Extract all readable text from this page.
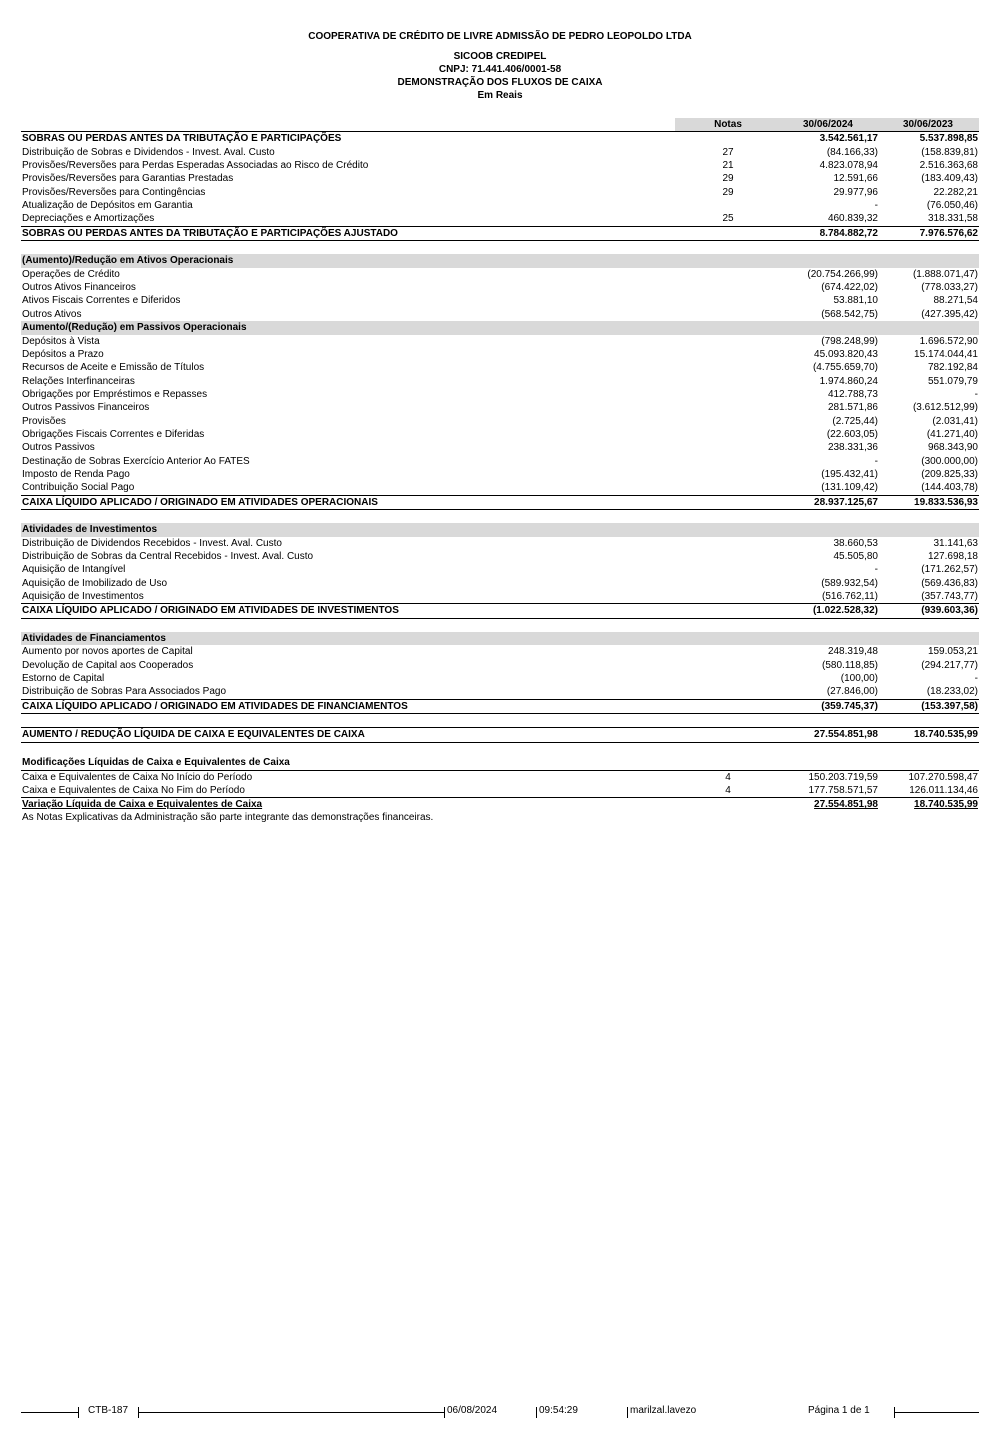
COOPERATIVA DE CRÉDITO DE LIVRE ADMISSÃO DE PEDRO LEOPOLDO LTDA
SICOOB CREDIPEL
CNPJ: 71.441.406/0001-58
DEMONSTRAÇÃO DOS FLUXOS DE CAIXA
Em Reais
Notas	30/06/2024	30/06/2023
SOBRAS OU PERDAS ANTES DA TRIBUTAÇÃO E PARTICIPAÇÕES	3.542.561,17	5.537.898,85
Distribuição de Sobras e Dividendos - Invest. Aval. Custo	27	(84.166,33)	(158.839,81)
Provisões/Reversões para Perdas Esperadas Associadas ao Risco de Crédito	21	4.823.078,94	2.516.363,68
Provisões/Reversões para Garantias Prestadas	29	12.591,66	(183.409,43)
Provisões/Reversões para Contingências	29	29.977,96	22.282,21
Atualização de Depósitos em Garantia	-	(76.050,46)
Depreciações e Amortizações	25	460.839,32	318.331,58
SOBRAS OU PERDAS ANTES DA TRIBUTAÇÃO E PARTICIPAÇÕES AJUSTADO	8.784.882,72	7.976.576,62
(Aumento)/Redução em Ativos Operacionais
Operações de Crédito	(20.754.266,99)	(1.888.071,47)
Outros Ativos Financeiros	(674.422,02)	(778.033,27)
Ativos Fiscais Correntes e Diferidos	53.881,10	88.271,54
Outros Ativos	(568.542,75)	(427.395,42)
Aumento/(Redução) em Passivos Operacionais
Depósitos à Vista	(798.248,99)	1.696.572,90
Depósitos a Prazo	45.093.820,43	15.174.044,41
Recursos de Aceite e Emissão de Títulos	(4.755.659,70)	782.192,84
Relações Interfinanceiras	1.974.860,24	551.079,79
Obrigações por Empréstimos e Repasses	412.788,73	-
Outros Passivos Financeiros	281.571,86	(3.612.512,99)
Provisões	(2.725,44)	(2.031,41)
Obrigações Fiscais Correntes e Diferidas	(22.603,05)	(41.271,40)
Outros Passivos	238.331,36	968.343,90
Destinação de Sobras Exercício Anterior Ao FATES	-	(300.000,00)
Imposto de Renda Pago	(195.432,41)	(209.825,33)
Contribuição Social Pago	(131.109,42)	(144.403,78)
CAIXA LÍQUIDO APLICADO / ORIGINADO EM ATIVIDADES OPERACIONAIS	28.937.125,67	19.833.536,93
Atividades de Investimentos
Distribuição de Dividendos Recebidos - Invest. Aval. Custo	38.660,53	31.141,63
Distribuição de Sobras da Central Recebidos - Invest. Aval. Custo	45.505,80	127.698,18
Aquisição de Intangível	-	(171.262,57)
Aquisição de Imobilizado de Uso	(589.932,54)	(569.436,83)
Aquisição de Investimentos	(516.762,11)	(357.743,77)
CAIXA LÍQUIDO APLICADO / ORIGINADO EM ATIVIDADES DE INVESTIMENTOS	(1.022.528,32)	(939.603,36)
Atividades de Financiamentos
Aumento por novos aportes de Capital	248.319,48	159.053,21
Devolução de Capital aos Cooperados	(580.118,85)	(294.217,77)
Estorno de Capital	(100,00)	-
Distribuição de Sobras Para Associados Pago	(27.846,00)	(18.233,02)
CAIXA LÍQUIDO APLICADO / ORIGINADO EM ATIVIDADES DE FINANCIAMENTOS	(359.745,37)	(153.397,58)
AUMENTO / REDUÇÃO LÍQUIDA DE CAIXA E EQUIVALENTES DE CAIXA	27.554.851,98	18.740.535,99
Modificações Líquidas de Caixa e Equivalentes de Caixa
Caixa e Equivalentes de Caixa No Início do Período	4	150.203.719,59	107.270.598,47
Caixa e Equivalentes de Caixa No Fim do Período	4	177.758.571,57	126.011.134,46
Variação Líquida de Caixa e Equivalentes de Caixa	27.554.851,98	18.740.535,99
As Notas Explicativas da Administração são parte integrante das demonstrações financeiras.
CTB-187	06/08/2024	09:54:29	marilzal.lavezo	Página 1 de 1
